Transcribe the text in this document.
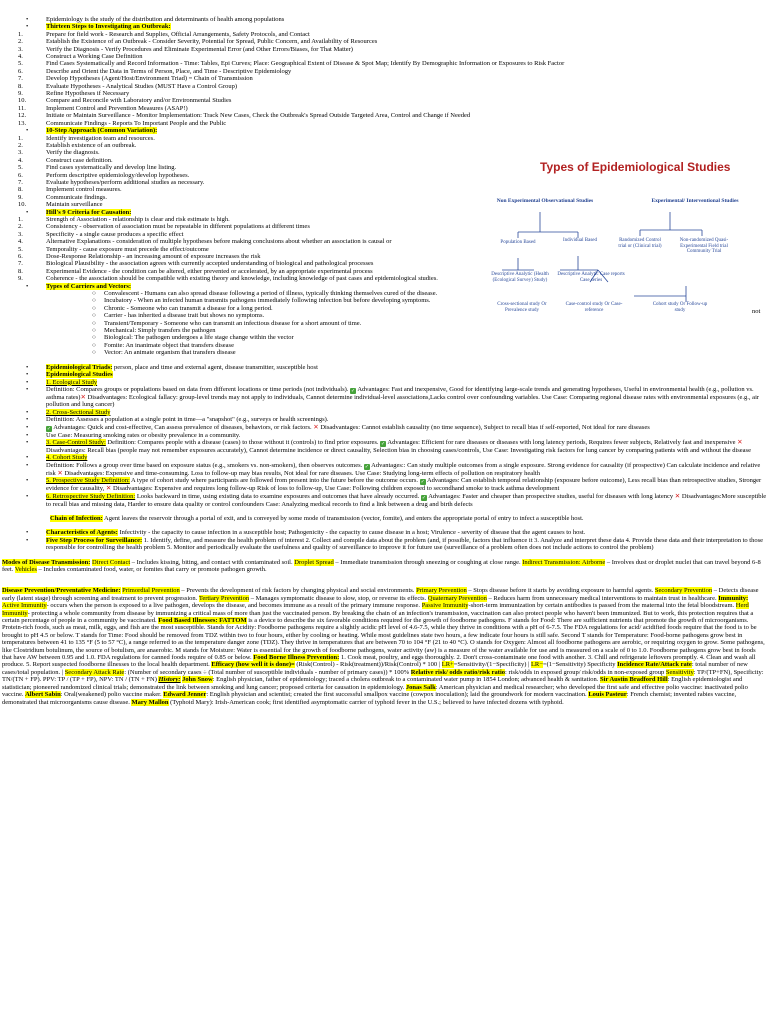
•	Epidemiology is the study of the distribution and determinants of health among populations
•	Thirteen Steps to Investigating an Outbreak:
1.	Prepare for field work - Research and Supplies, Official Arrangements, Safety Protocols, and Contact
2.	Establish the Existence of an Outbreak - Consider Severity, Potential for Spread, Public Concern, and Availability of Resources
3.	Verify the Diagnosis - Verify Procedures and Eliminate Experimental Error (and Other Errors/Biases, for That Matter)
4.	Construct a Working Case Definition
5.	Find Cases Systematically and Record Information - Time: Tables, Epi Curves; Place: Geographical Extent of Disease & Spot Map; Identify By Demographic Information or Exposures to Risk Factor
6.	Describe and Orient the Data in Terms of Person, Place, and Time - Descriptive Epidemiology
7.	Develop Hypotheses (Agent/Host/Environment Triad) = Chain of Transmission
8.	Evaluate Hypotheses - Analytical Studies (MUST Have a Control Group)
9.	Refine Hypotheses if Necessary
10.	Compare and Reconcile with Laboratory and/or Environmental Studies
11.	Implement Control and Prevention Measures (ASAP!)
12.	Initiate or Maintain Surveillance - Monitor Implementation: Track New Cases, Check the Outbreak's Spread Outside Targeted Area, Control and Change if Needed
13.	Communicate Findings - Reports To Important People and the Public
•	10-Step Approach (Common Variation):
1.	Identify investigation team and resources.
2.	Establish existence of an outbreak.
3.	Verify the diagnosis.
4.	Construct case definition.
5.	Find cases systematically and develop line listing.
6.	Perform descriptive epidemiology/develop hypotheses.
7.	Evaluate hypotheses/perform additional studies as necessary.
8.	Implement control measures.
9.	Communicate findings.
10.	Maintain surveillance
•	Hill's 9 Criteria for Causation:
1.	Strength of Association - relationship is clear and risk estimate is high.
2.	Consistency - observation of association must be repeatable in different populations at different times
3.	Specificity - a single cause produces a specific effect
4.	Alternative Explanations - consideration of multiple hypotheses before making conclusions about whether an association is causal or
5.	Temporality - cause exposure must precede the effect/outcome
6.	Dose-Response Relationship - an increasing amount of exposure increases the risk
7.	Biological Plausibility - the association agrees with currently accepted understanding of biological and pathological processes
8.	Experimental Evidence - the condition can be altered, either prevented or accelerated, by an appropriate experimental process
9.	Coherence - the association should be compatible with existing theory and knowledge, including knowledge of past cases and epidemiological studies.
•	Types of Carriers and Vectors:
○	Convalescent - Humans can also spread disease following a period of illness, typically thinking themselves cured of the disease.
○	Incubatory - When an infected human transmits pathogens immediately following infection but before developing symptoms.
○	Chronic - Someone who can transmit a disease for a long period.
○	Carrier - has inherited a disease trait but shows no symptoms.
○	Transient/Temporary - Someone who can transmit an infectious disease for a short amount of time.
○	Mechanical: Simply transfers the pathogen
○	Biological: The pathogen undergoes a life stage change within the vector
○	Fomite: An inanimate object that transfers disease
○	Vector: An animate organism that transfers disease
•	Epidemiological Triads: person, place and time and external agent, disease transmitter, susceptible host
•	Epidemiological Studies
•	1. Ecological Study
•	Definition: Compares groups or populations based on data from different locations or time periods (not individuals). ✓ Advantages: Fast and inexpensive, Good for identifying large-scale trends and generating hypotheses, Useful in environmental health (e.g., pollution vs. asthma rates)✕ Disadvantages: Ecological fallacy: group-level trends may not apply to individuals, Cannot determine individual-level associations,Lacks control over confounding variables. Use Case: Comparing regional disease rates with environmental exposures (e.g., air pollution and lung cancer)
•	2. Cross-Sectional Study
•	Definition: Assesses a population at a single point in time—a "snapshot" (e.g., surveys or health screenings).
•	✓ Advantages: Quick and cost-effective, Can assess prevalence of diseases, behaviors, or risk factors. ✕ Disadvantages: Cannot establish causality (no time sequence), Subject to recall bias if self-reported, Not ideal for rare diseases
•	Use Case: Measuring smoking rates or obesity prevalence in a community.
•	3. Case-Control Study: Definition: Compares people with a disease (cases) to those without it (controls) to find prior exposures. ✓ Advantages: Efficient for rare diseases or diseases with long latency periods, Requires fewer subjects, Relatively fast and inexpensive ✕ Disadvantages: Recall bias (people may not remember exposures accurately), Cannot determine incidence or direct causality, Selection bias in choosing cases/controls, Use Case: Investigating risk factors for lung cancer by comparing patients with and without the disease
•	4. Cohort Study
•	Definition: Follows a group over time based on exposure status (e.g., smokers vs. non-smokers), then observes outcomes. ✓ Advantages:: Can study multiple outcomes from a single exposure. Strong evidence for causality (if prospective) Can calculate incidence and relative risk ✕ Disadvantages: Expensive and time-consuming. Loss to follow-up may bias results, Not ideal for rare diseases. Use Case: Studying long-term effects of pollution on respiratory health
•	5. Prospective Study Definition: A type of cohort study where participants are followed from present into the future before the outcome occurs. ✓ Advantages: Can establish temporal relationship (exposure before outcome), Less recall bias than retrospective studies, Stronger evidence for causality, ✕ Disadvantages: Expensive and requires long follow-up Risk of loss to follow-up, Use Case: Following children exposed to secondhand smoke to track asthma development
•	6. Retrospective Study Definition: Looks backward in time, using existing data to examine exposures and outcomes that have already occurred. ✓ Advantages: Faster and cheaper than prospective studies, useful for diseases with long latency ✕ Disadvantages:More susceptible to recall bias and missing data, Harder to ensure data quality or control confounders Case: Analyzing medical records to find a link between a drug and birth defects
Chain of Infection: Agent leaves the reservoir through a portal of exit, and is conveyed by some mode of transmission (vector, fomite), and enters the appropriate portal of entry to infect a susceptible host.
•	Characteristics of Agents: Infectivity - the capacity to cause infection in a susceptible host; Pathogenicity - the capacity to cause disease in a host; Virulence - severity of disease that the agent causes to host.
•	Five Step Process for Surveillance: 1. Identify, define, and measure the health problem of interest 2. Collect and compile data about the problem (and, if possible, factors that influence it 3. Analyze and interpret these data 4. Provide these data and their interpretation to those responsible for controlling the health problem 5. Monitor and periodically evaluate the usefulness and quality of surveillance to improve it for future use (surveillance of a problem often does not include actions to control the problem)
Modes of Disease Transmission: Direct Contact – Includes kissing, biting, and contact with contaminated soil. Droplet Spread – Immediate transmission through sneezing or coughing at close range. Indirect Transmission: Airborne – Involves dust or droplet nuclei that can travel beyond 6-8 feet. Vehicles – Includes contaminated food, water, or fomites that carry or promote pathogen growth.
Disease Prevention/Preventative Medicine: Primordial Prevention – Prevents the development of risk factors by changing physical and social environments. Primary Prevention – Stops disease before it starts by avoiding exposure to harmful agents. Secondary Prevention – Detects disease early (latent stage) through screening and treatment to prevent progression. Tertiary Prevention – Manages symptomatic disease to slow, stop, or reverse its effects. Quaternary Prevention – Reduces harm from unnecessary medical interventions to maintain trust in healthcare. Immunity: Active Immunity- occurs when the person is exposed to a live pathogen, develops the disease, and becomes immune as a result of the primary immune response. Passive Immunity-short-term immunization by certain antibodies is passed from the maternal into the fetal bloodstream. Herd Immunity- protecting a whole community from disease by immunizing a critical mass of more than just the vaccinated person. By breaking the chain of an infection's transmission, vaccination can also protect people who haven't been immunized. But to work, this protection requires that a certain percentage of people in a community be vaccinated. Food Based Illnesses: FATTOM is a device to describe the six favorable conditions required for the growth of foodborne pathogens. F stands for Food: There are sufficient nutrients that promote the growth of microorganisms. Protein-rich foods, such as meat, milk, eggs, and fish are the most susceptible. Stands for Acidity: Foodborne pathogens require a slightly acidic pH level of 4.6-7.5, while they thrive in conditions with a pH of 6-7.5. The FDA regulations for acid/ acidified foods require that the food is to be brought to pH 4.5 or below. T stands for Time: Food should be removed from TDZ within two to four hours, either by cooling or heating. While most guidelines state two hours, a few indicate four hours is still safe. Second T stands for Temperature: Food-borne pathogens grow best in temperatures between 41 to 135 °F (5 to 57 °C), a range referred to as the temperature danger zone (TDZ). They thrive in temperatures that are between 70 to 104 °F (21 to 40 °C). O stands for Oxygen: Almost all foodborne pathogens are aerobic, or requiring oxygen to grow. Some pathogens, like Clostridium botulinum, the source of botulism, are anaerobic. M stands for Moisture: Water is essential for the growth of foodborne pathogens, water activity (aw) is a measure of the water available for use and is measured on a scale of 0 to 1.0. Foodborne pathogens grow best in foods that have AW between 0.95 and 1.0. FDA regulations for canned foods require of 0.85 or below. Food Borne Illness Prevention: 1. Cook meat, poultry, and eggs thoroughly. 2. Don't cross-contaminate one food with another. 3. Chill and refrigerate leftovers promptly. 4. Clean and wash all produce. 5. Report suspected foodborne illnesses to the local health department. Efficacy (how well it is done)= (Risk(Control) - Risk(treatment))/Risk(Control) * 100 | LR+=Sensitivity/(1−Specificity) | LR−=(1−Sensitivity) Specificity Incidence Rate/Attack rate: total number of new cases/total population. | Secondary Attack Rate: (Number of secondary cases ÷ (Total number of susceptible individuals - number of primary cases)) * 100% Relative risk/ odds ratio/risk ratio: risk/odds in exposed group/ risk/odds in non-exposed group Sensitivity: TP/(TP+FN), Specificity: TN/(TN + FP). PPV: TP / (TP + FP), NPV: TN / (TN + FN) History: John Snow: English physician, father of epidemiology; traced a cholera outbreak to a contaminated water pump in 1854 London; advanced health & sanitation. Sir Austin Bradford Hill: English epidemiologist and statistician; pioneered randomized clinical trials; demonstrated the link between smoking and lung cancer; proposed criteria for causation in epidemiology. Jonas Salk: American physician and medical researcher; who developed the first safe and effective polio vaccine: inactivated polio vaccine. Albert Sabin: Oral(weakened) polio vaccine maker. Edward Jenner: English physician and scientist; created the first successful smallpox vaccine (cowpox inoculation); laid the groundwork for modern vaccination. Louis Pasteur: French chemist; invented rabies vaccine, demonstrated that microorganisms cause disease. Mary Mallon (Typhoid Mary): Irish-American cook; first identified asymptomatic carrier of typhoid fever in the U.S.; believed to have infected dozens with typhoid.
Types of Epidemiological Studies
Non Experimental Observational Studies	Experimental/ Interventional Studies
Population Based	Individual Based	Randomized Control trial or (Clinical trial)
Non-randomized Quasi- Experimental Field trial Community Trial
Descriptive Analytic (Health (Ecological Survey) Study)
Descriptive Analytic Case reports Case series
Cross-sectional study Or Prevalence study
Case-control study Or Case-reference
Cohort study Or Follow-up study	not
